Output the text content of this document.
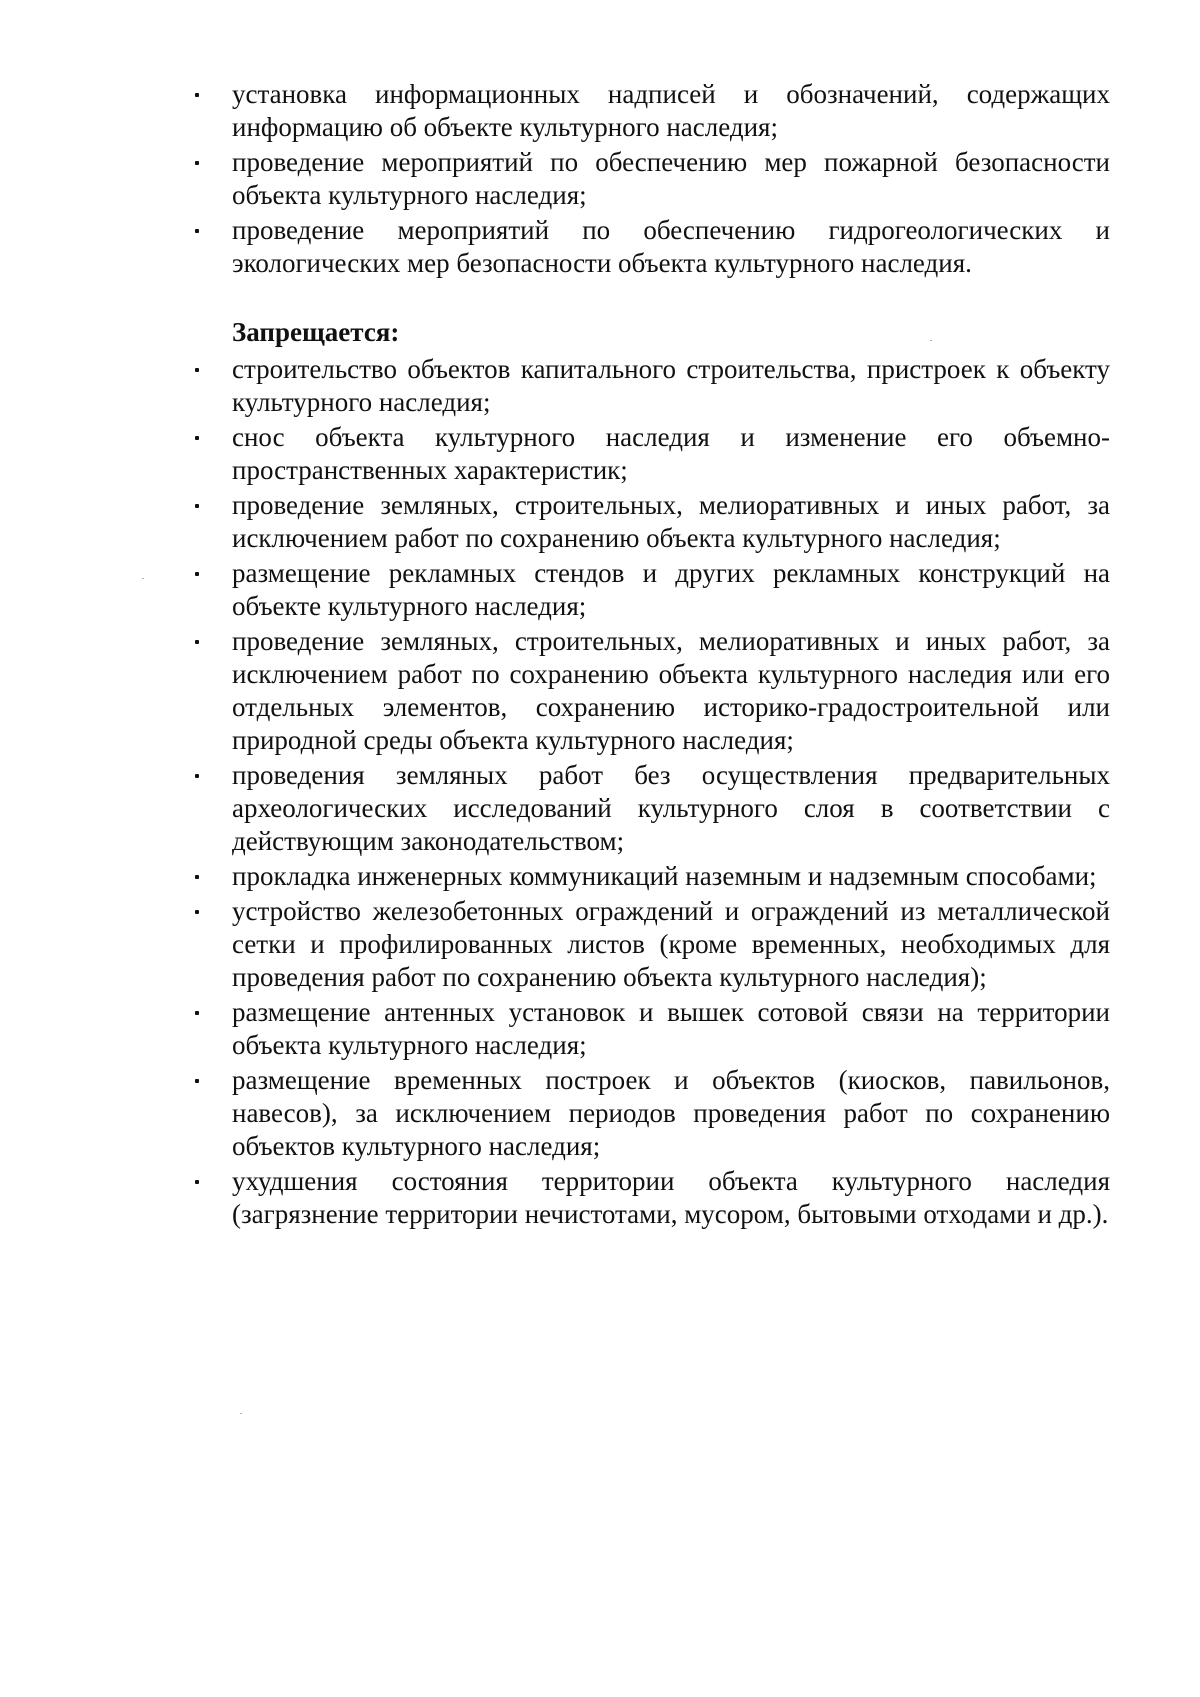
установка информационных надписей и обозначений, содержащих информацию об объекте культурного наследия;
проведение мероприятий по обеспечению мер пожарной безопасности объекта культурного наследия;
проведение мероприятий по обеспечению гидрогеологических и экологических мер безопасности объекта культурного наследия.
Запрещается:
строительство объектов капитального строительства, пристроек к объекту культурного наследия;
снос объекта культурного наследия и изменение его объемно-пространственных характеристик;
проведение земляных, строительных, мелиоративных и иных работ, за исключением работ по сохранению объекта культурного наследия;
размещение рекламных стендов и других рекламных конструкций на объекте культурного наследия;
проведение земляных, строительных, мелиоративных и иных работ, за исключением работ по сохранению объекта культурного наследия или его отдельных элементов, сохранению историко-градостроительной или природной среды объекта культурного наследия;
проведения земляных работ без осуществления предварительных археологических исследований культурного слоя в соответствии с действующим законодательством;
прокладка инженерных коммуникаций наземным и надземным способами;
устройство железобетонных ограждений и ограждений из металлической сетки и профилированных листов (кроме временных, необходимых для проведения работ по сохранению объекта культурного наследия);
размещение антенных установок и вышек сотовой связи на территории объекта культурного наследия;
размещение временных построек и объектов (киосков, павильонов, навесов), за исключением периодов проведения работ по сохранению объектов культурного наследия;
ухудшения состояния территории объекта культурного наследия (загрязнение территории нечистотами, мусором, бытовыми отходами и др.).
